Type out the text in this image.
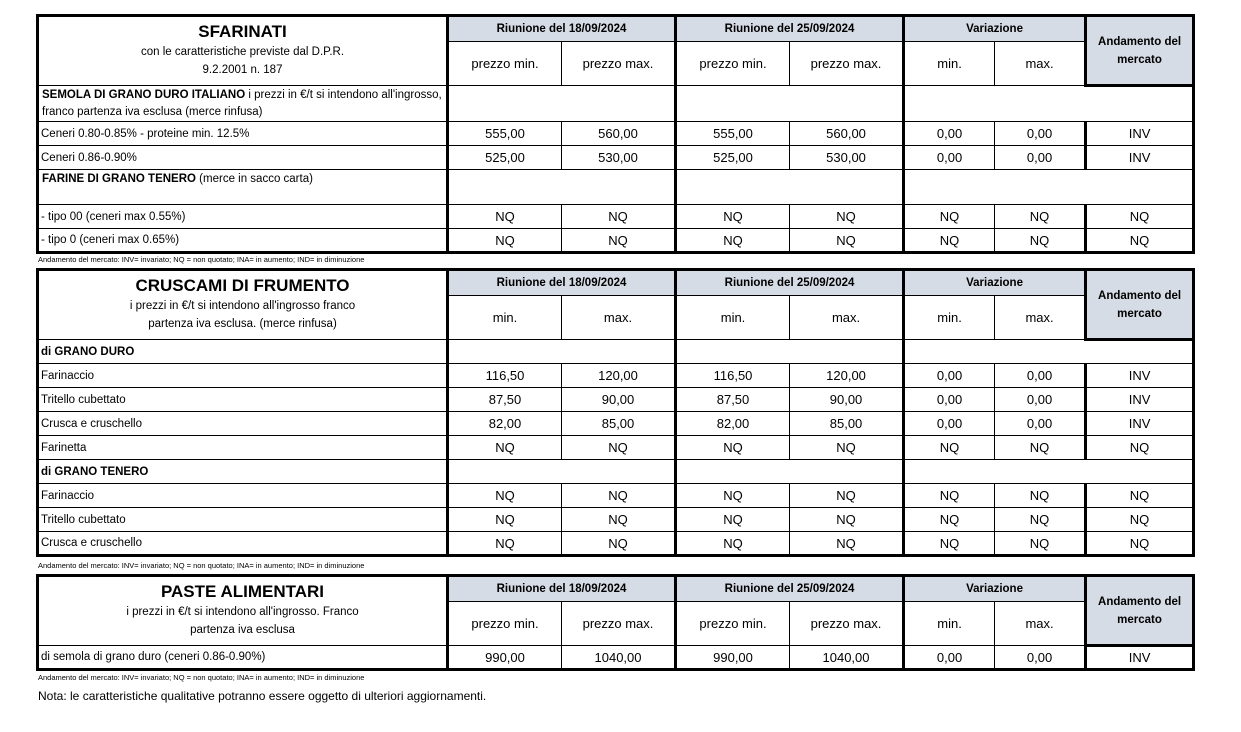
SFARINATI
con le caratteristiche previste dal D.P.R.
9.2.2001 n. 187	Riunione del 18/09/2024		Riunione del 25/09/2024		Variazione		Andamento del mercato
	prezzo min.	prezzo max.	prezzo min.	prezzo max.	min.	max.	
SEMOLA DI GRANO DURO ITALIANO i prezzi in €/t si intendono all'ingrosso, franco partenza iva esclusa (merce rinfusa)							
Ceneri 0.80-0.85% - proteine min. 12.5%	555,00	560,00	555,00	560,00	0,00	0,00	INV
Ceneri 0.86-0.90%	525,00	530,00	525,00	530,00	0,00	0,00	INV
FARINE DI GRANO TENERO (merce in sacco carta)							
- tipo 00 (ceneri max 0.55%)	NQ	NQ	NQ	NQ	NQ	NQ	NQ
- tipo 0 (ceneri max 0.65%)	NQ	NQ	NQ	NQ	NQ	NQ	NQ
Andamento del mercato: INV= invariato; NQ = non quotato; INA= in aumento; IND= in diminuzione
CRUSCAMI DI FRUMENTO
i prezzi in €/t si intendono all'ingrosso franco
partenza iva esclusa. (merce rinfusa)	Riunione del 18/09/2024		Riunione del 25/09/2024		Variazione		Andamento del mercato
	min.	max.	min.	max.	min.	max.	
di GRANO DURO							
Farinaccio	116,50	120,00	116,50	120,00	0,00	0,00	INV
Tritello cubettato	87,50	90,00	87,50	90,00	0,00	0,00	INV
Crusca e cruschello	82,00	85,00	82,00	85,00	0,00	0,00	INV
Farinetta	NQ	NQ	NQ	NQ	NQ	NQ	NQ
di GRANO TENERO							
Farinaccio	NQ	NQ	NQ	NQ	NQ	NQ	NQ
Tritello cubettato	NQ	NQ	NQ	NQ	NQ	NQ	NQ
Crusca e cruschello	NQ	NQ	NQ	NQ	NQ	NQ	NQ
Andamento del mercato: INV= invariato; NQ = non quotato; INA= in aumento; IND= in diminuzione
PASTE ALIMENTARI
i prezzi in €/t si intendono all'ingrosso. Franco
partenza iva esclusa	Riunione del 18/09/2024		Riunione del 25/09/2024		Variazione		Andamento del mercato
	prezzo min.	prezzo max.	prezzo min.	prezzo max.	min.	max.	
di semola di grano duro (ceneri 0.86-0.90%)	990,00	1040,00	990,00	1040,00	0,00	0,00	INV
Andamento del mercato: INV= invariato; NQ = non quotato; INA= in aumento; IND= in diminuzione
Nota: le caratteristiche qualitative potranno essere oggetto di ulteriori aggiornamenti.
